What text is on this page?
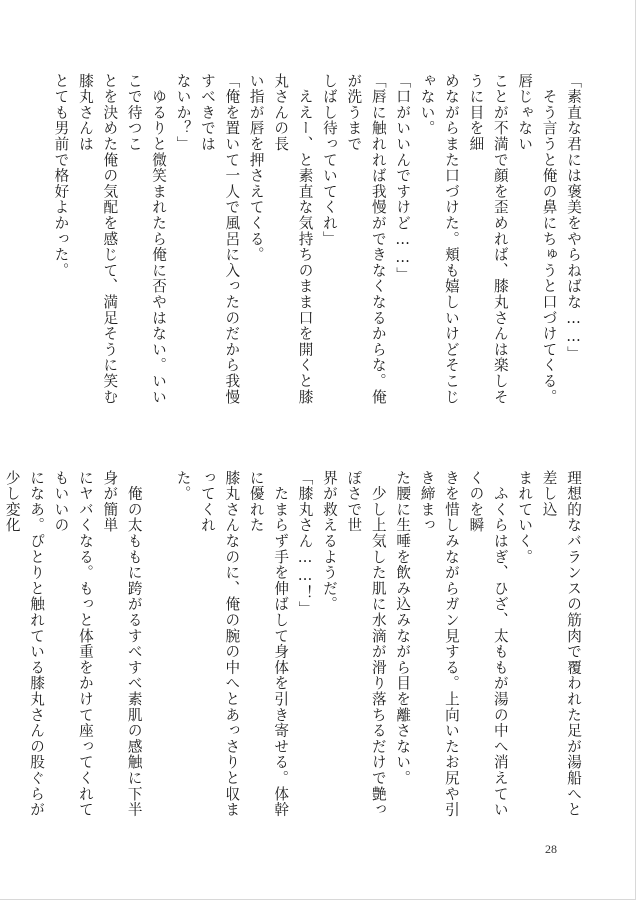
「素直な君には褒美をやらねばな……」

　そう言うと俺の鼻にちゅうと口づけてくる。唇じゃない

ことが不満で顔を歪めれば、膝丸さんは楽しそうに目を細

めながらまた口づけた。頬も嬉しいけどそこじゃない。

「口がいいんですけど……」

「唇に触れれば我慢ができなくなるからな。俺が洗うまで

しばし待っていてくれ」

　ええー、と素直な気持ちのまま口を開くと膝丸さんの長

い指が唇を押さえてくる。

「俺を置いて一人で風呂に入ったのだから我慢すべきでは

ないか？」

　ゆるりと微笑まれたら俺に否やはない。いいこで待つこ

とを決めた俺の気配を感じて、満足そうに笑む膝丸さんは

とても男前で格好よかった。

理想的なバランスの筋肉で覆われた足が湯船へと差し込

まれていく。

　ふくらはぎ、ひざ、太ももが湯の中へ消えていくのを瞬

きを惜しみながらガン見する。上向いたお尻や引き締まっ

た腰に生唾を飲み込みながら目を離さない。

　少し上気した肌に水滴が滑り落ちるだけで艶っぽさで世

界が救えるようだ。

「膝丸さん……！」

　たまらず手を伸ばして身体を引き寄せる。体幹に優れた

膝丸さんなのに、俺の腕の中へとあっさりと収まってくれ

た。

　俺の太ももに跨がるすべすべ素肌の感触に下半身が簡単

にヤバくなる。もっと体重をかけて座ってくれてもいいの

になあ。ぴとりと触れている膝丸さんの股ぐらが少し変化

28
